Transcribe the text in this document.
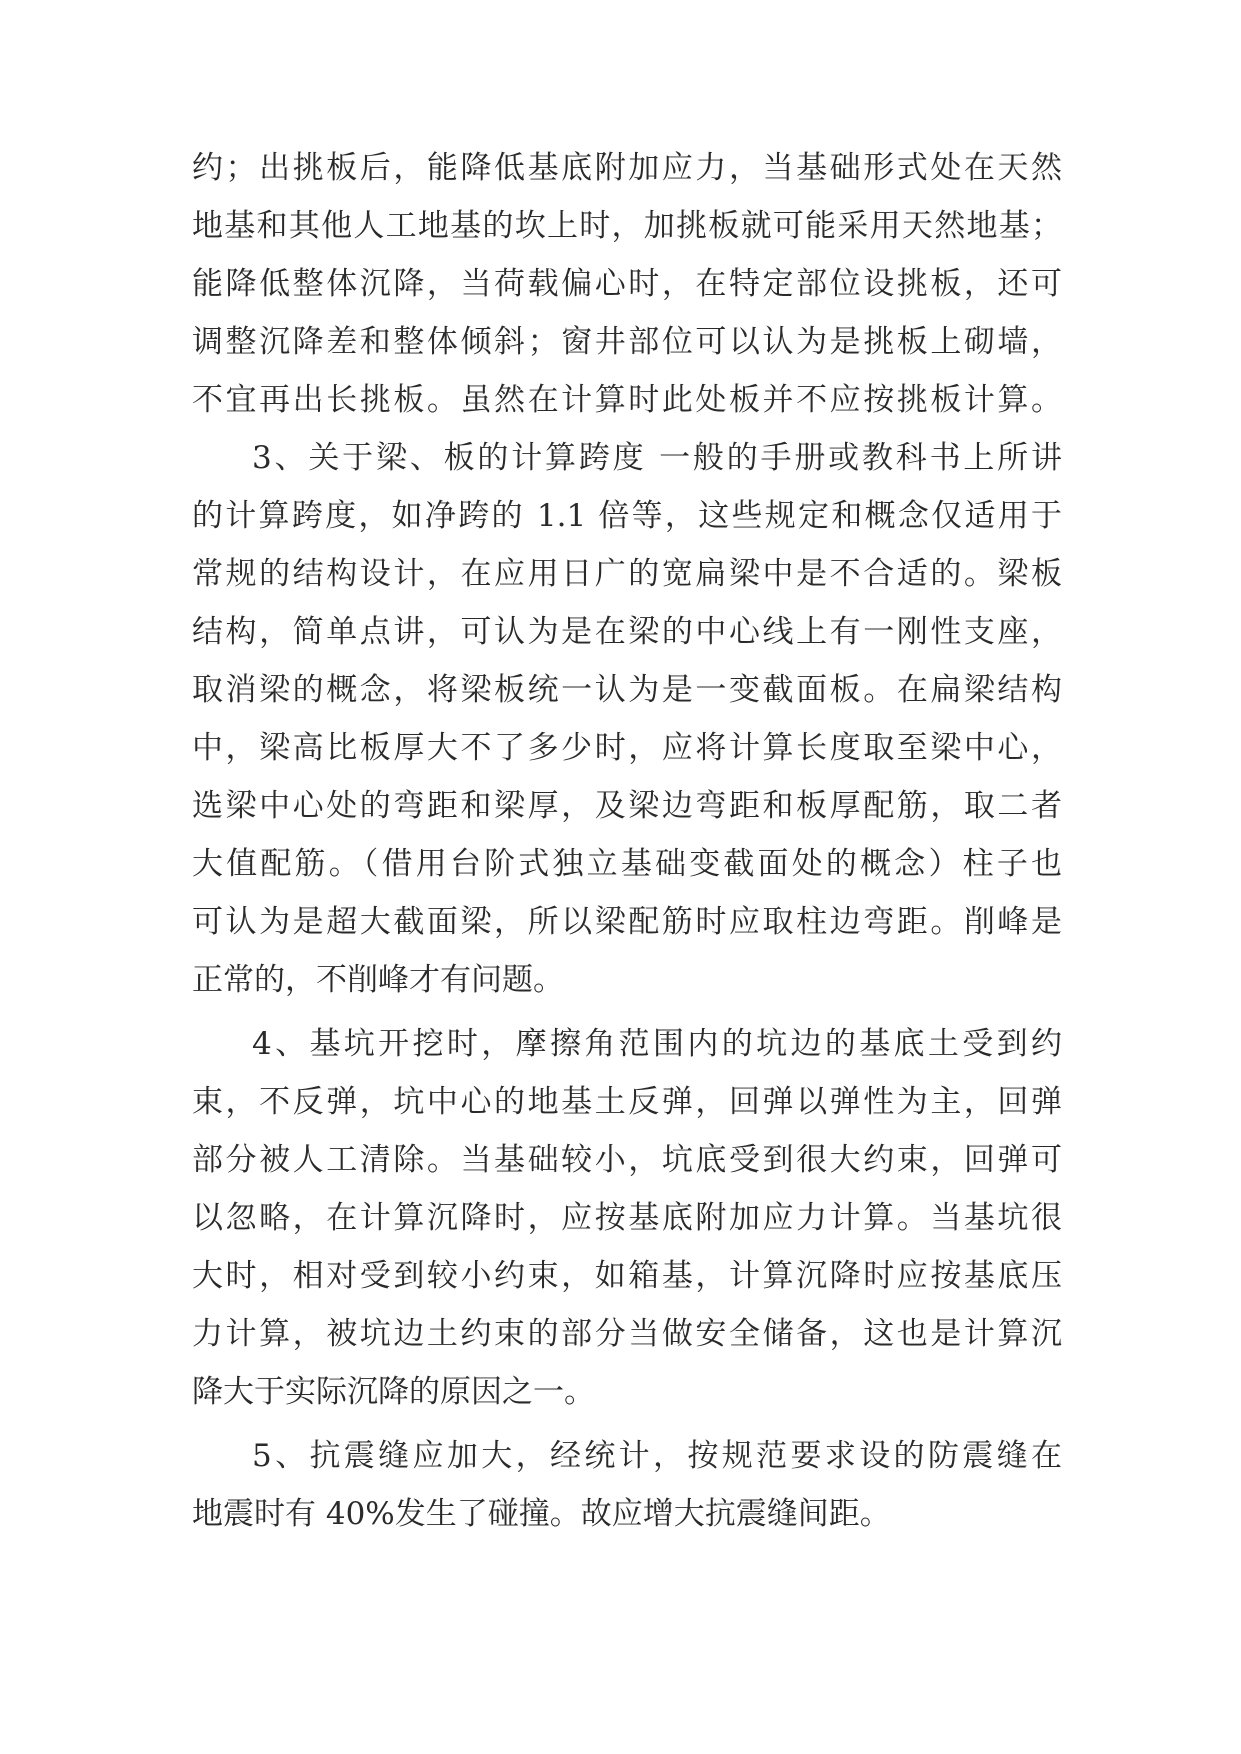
约；出挑板后，能降低基底附加应力，当基础形式处在天然
地基和其他人工地基的坎上时，加挑板就可能采用天然地基；
能降低整体沉降，当荷载偏心时，在特定部位设挑板，还可
调整沉降差和整体倾斜；窗井部位可以认为是挑板上砌墙，
不宜再出长挑板。虽然在计算时此处板并不应按挑板计算。
3、关于梁、板的计算跨度 一般的手册或教科书上所讲
的计算跨度，如净跨的 1.1 倍等，这些规定和概念仅适用于
常规的结构设计，在应用日广的宽扁梁中是不合适的。梁板
结构，简单点讲，可认为是在梁的中心线上有一刚性支座，
取消梁的概念，将梁板统一认为是一变截面板。在扁梁结构
中，梁高比板厚大不了多少时，应将计算长度取至梁中心，
选梁中心处的弯距和梁厚，及梁边弯距和板厚配筋，取二者
大值配筋。（借用台阶式独立基础变截面处的概念）柱子也
可认为是超大截面梁，所以梁配筋时应取柱边弯距。削峰是
正常的，不削峰才有问题。
4、基坑开挖时，摩擦角范围内的坑边的基底土受到约
束，不反弹，坑中心的地基土反弹，回弹以弹性为主，回弹
部分被人工清除。当基础较小，坑底受到很大约束，回弹可
以忽略，在计算沉降时，应按基底附加应力计算。当基坑很
大时，相对受到较小约束，如箱基，计算沉降时应按基底压
力计算，被坑边土约束的部分当做安全储备，这也是计算沉
降大于实际沉降的原因之一。
5、抗震缝应加大，经统计，按规范要求设的防震缝在
地震时有 40%发生了碰撞。故应增大抗震缝间距。
